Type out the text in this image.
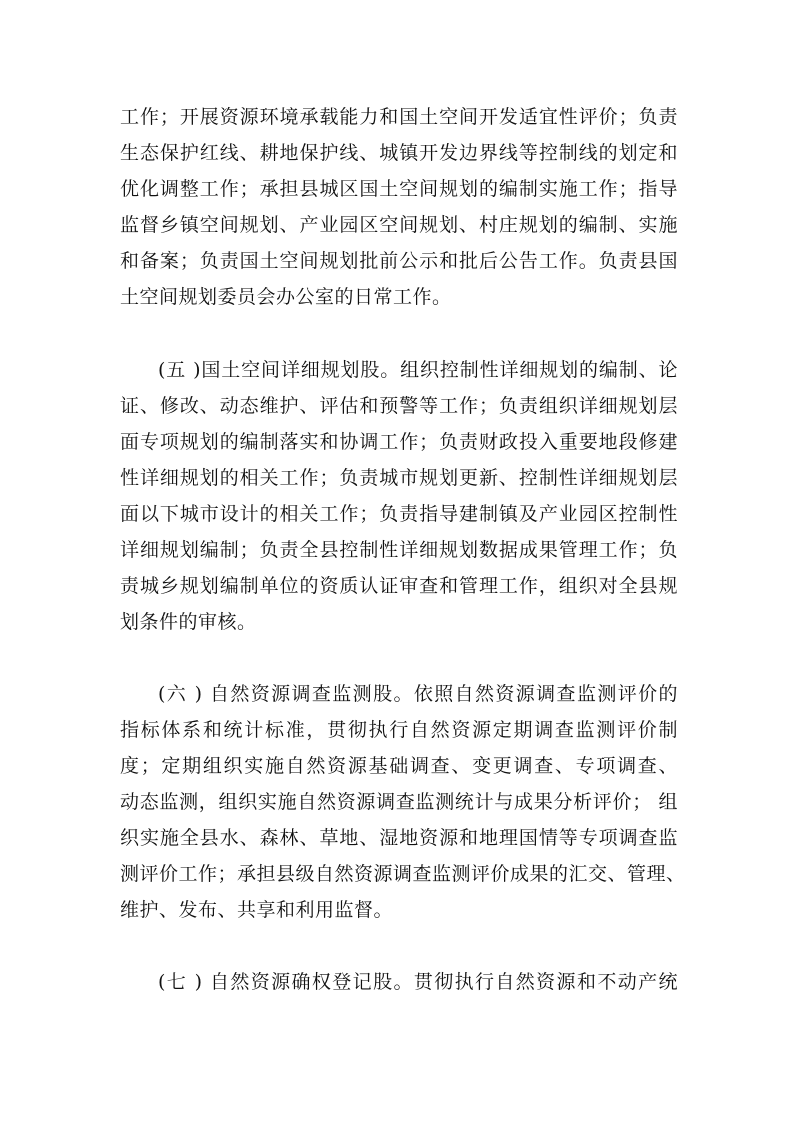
工作；开展资源环境承载能力和国土空间开发适宜性评价；负责
生态保护红线、耕地保护线、城镇开发边界线等控制线的划定和
优化调整工作；承担县城区国土空间规划的编制实施工作；指导
监督乡镇空间规划、产业园区空间规划、村庄规划的编制、实施
和备案；负责国土空间规划批前公示和批后公告工作。负责县国
土空间规划委员会办公室的日常工作。
(五 )国土空间详细规划股。组织控制性详细规划的编制、论
证、修改、动态维护、评估和预警等工作；负责组织详细规划层
面专项规划的编制落实和协调工作；负责财政投入重要地段修建
性详细规划的相关工作；负责城市规划更新、控制性详细规划层
面以下城市设计的相关工作；负责指导建制镇及产业园区控制性
详细规划编制；负责全县控制性详细规划数据成果管理工作；负
责城乡规划编制单位的资质认证审查和管理工作，组织对全县规
划条件的审核。
(六 ) 自然资源调查监测股。依照自然资源调查监测评价的
指标体系和统计标准，贯彻执行自然资源定期调查监测评价制
度；定期组织实施自然资源基础调查、变更调查、专项调查、
动态监测，组织实施自然资源调查监测统计与成果分析评价； 组
织实施全县水、森林、草地、湿地资源和地理国情等专项调查监
测评价工作；承担县级自然资源调查监测评价成果的汇交、管理、
维护、发布、共享和利用监督。
(七 ) 自然资源确权登记股。贯彻执行自然资源和不动产统
